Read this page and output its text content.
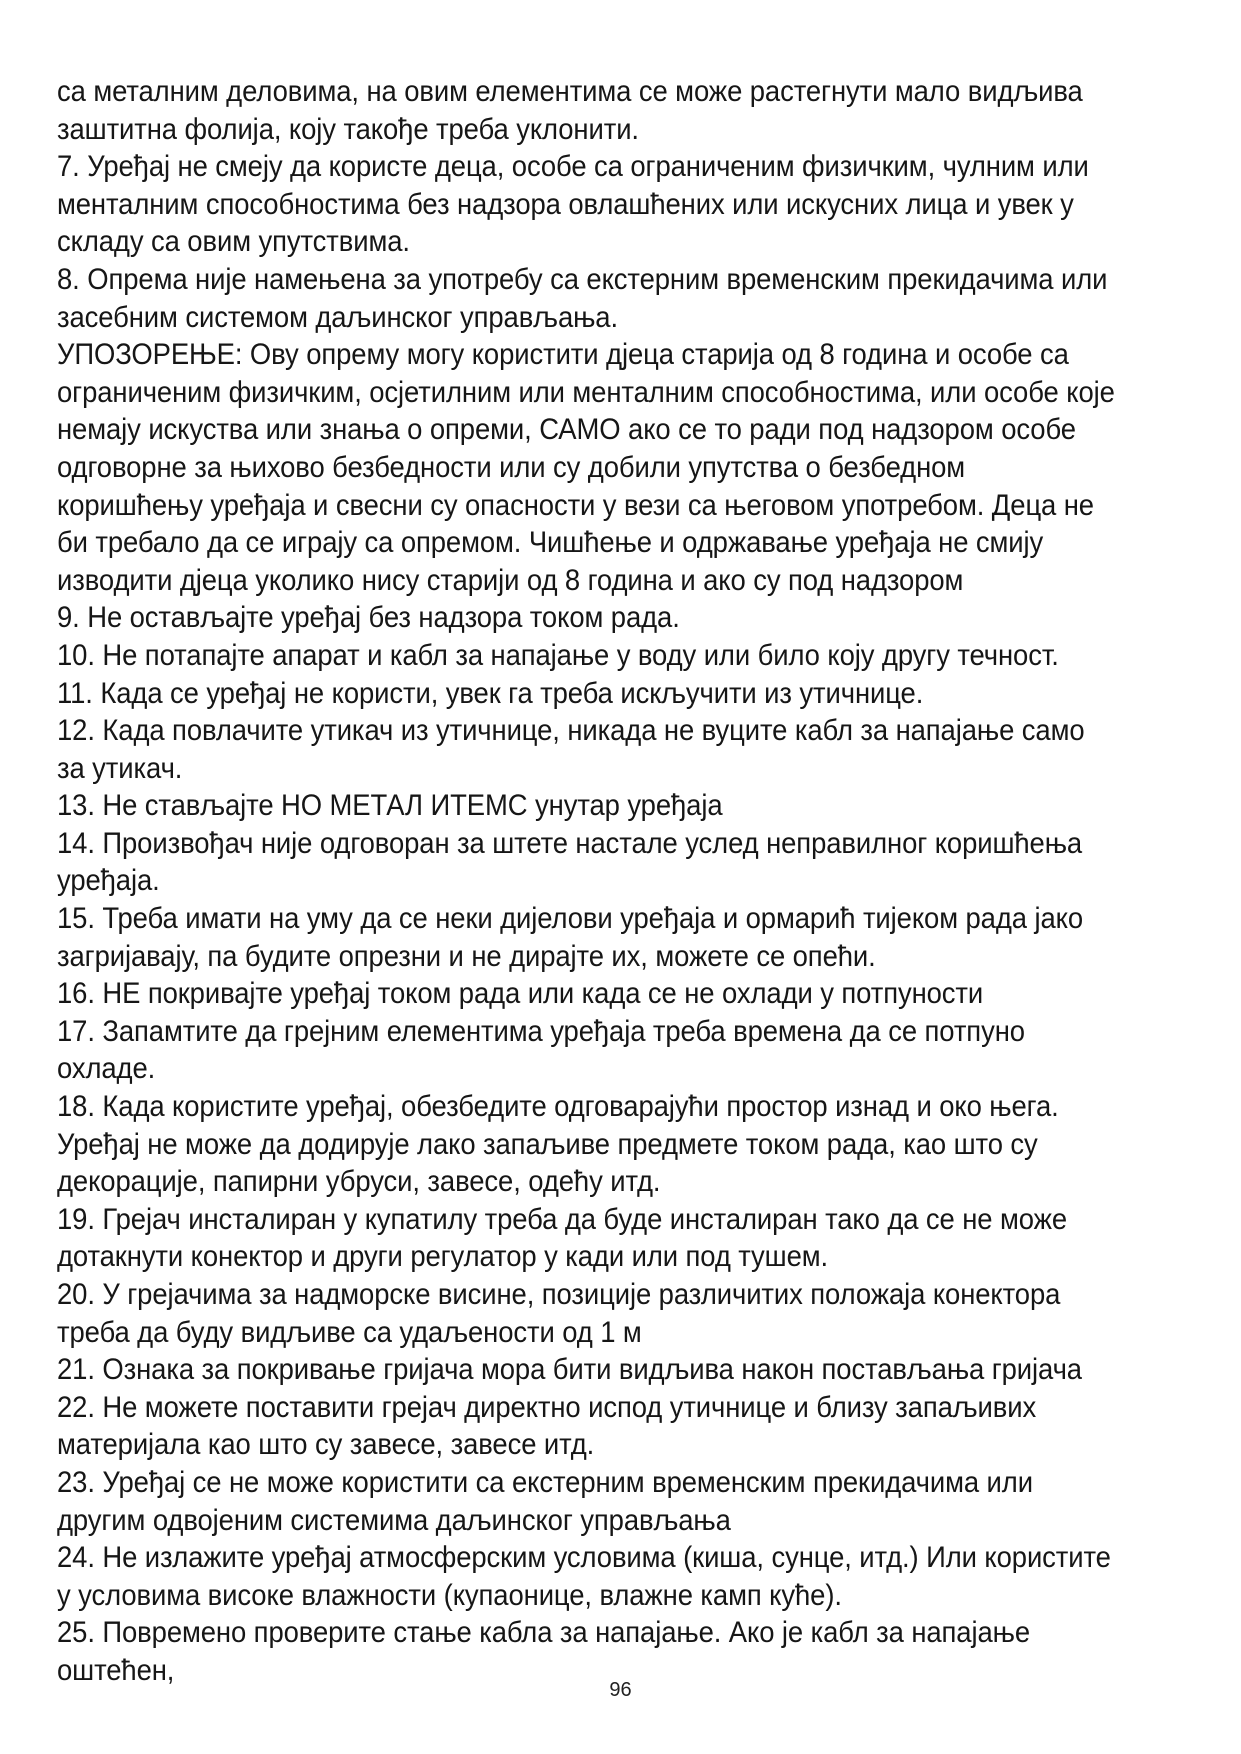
са металним деловима, на овим елементима се може растегнути мало видљива заштитна фолија, коју такође треба уклонити.

7. Уређај не смеју да користе деца, особе са ограниченим физичким, чулним или менталним способностима без надзора овлашћених или искусних лица и увек у складу са овим упутствима.

8. Опрема није намењена за употребу са екстерним временским прекидачима или засебним системом даљинског управљања.

УПОЗОРЕЊЕ: Ову опрему могу користити дјеца старија од 8 година и особе са ограниченим физичким, осјетилним или менталним способностима, или особе које немају искуства или знања о опреми, САМО ако се то ради под надзором особе одговорне за њихово безбедности или су добили упутства о безбедном коришћењу уређаја и свесни су опасности у вези са његовом употребом. Деца не би требало да се играју са опремом. Чишћење и одржавање уређаја не смију изводити дјеца уколико нису старији од 8 година и ако су под надзором

9. Не остављајте уређај без надзора током рада.

10. Не потапајте апарат и кабл за напајање у воду или било коју другу течност.

11. Када се уређај не користи, увек га треба искључити из утичнице.

12. Када повлачите утикач из утичнице, никада не вуците кабл за напајање само за утикач.

13. Не стављајте НО МЕТАЛ ИТЕМС унутар уређаја

14. Произвођач није одговоран за штете настале услед неправилног коришћења уређаја.

15. Треба имати на уму да се неки дијелови уређаја и ормарић тијеком рада јако загријавају, па будите опрезни и не дирајте их, можете се опећи.

16. НЕ покривајте уређај током рада или када се не охлади у потпуности

17. Запамтите да грејним елементима уређаја треба времена да се потпуно охладе.

18. Када користите уређај, обезбедите одговарајући простор изнад и око њега. Уређај не може да додирује лако запаљиве предмете током рада, као што су декорације, папирни убруси, завесе, одећу итд.

19. Грејач инсталиран у купатилу треба да буде инсталиран тако да се не може дотакнути конектор и други регулатор у кади или под тушем.

20. У грејачима за надморске висине, позиције различитих положаја конектора треба да буду видљиве са удаљености од 1 м

21. Ознака за покривање гријача мора бити видљива након постављања гријача

22. Не можете поставити грејач директно испод утичнице и близу запаљивих материјала као што су завесе, завесе итд.

23. Уређај се не може користити са екстерним временским прекидачима или другим одвојеним системима даљинског управљања

24. Не излажите уређај атмосферским условима (киша, сунце, итд.) Или користите у условима високе влажности (купаонице, влажне камп куће).

25. Повремено проверите стање кабла за напајање. Ако је кабл за напајање оштећен,

96
